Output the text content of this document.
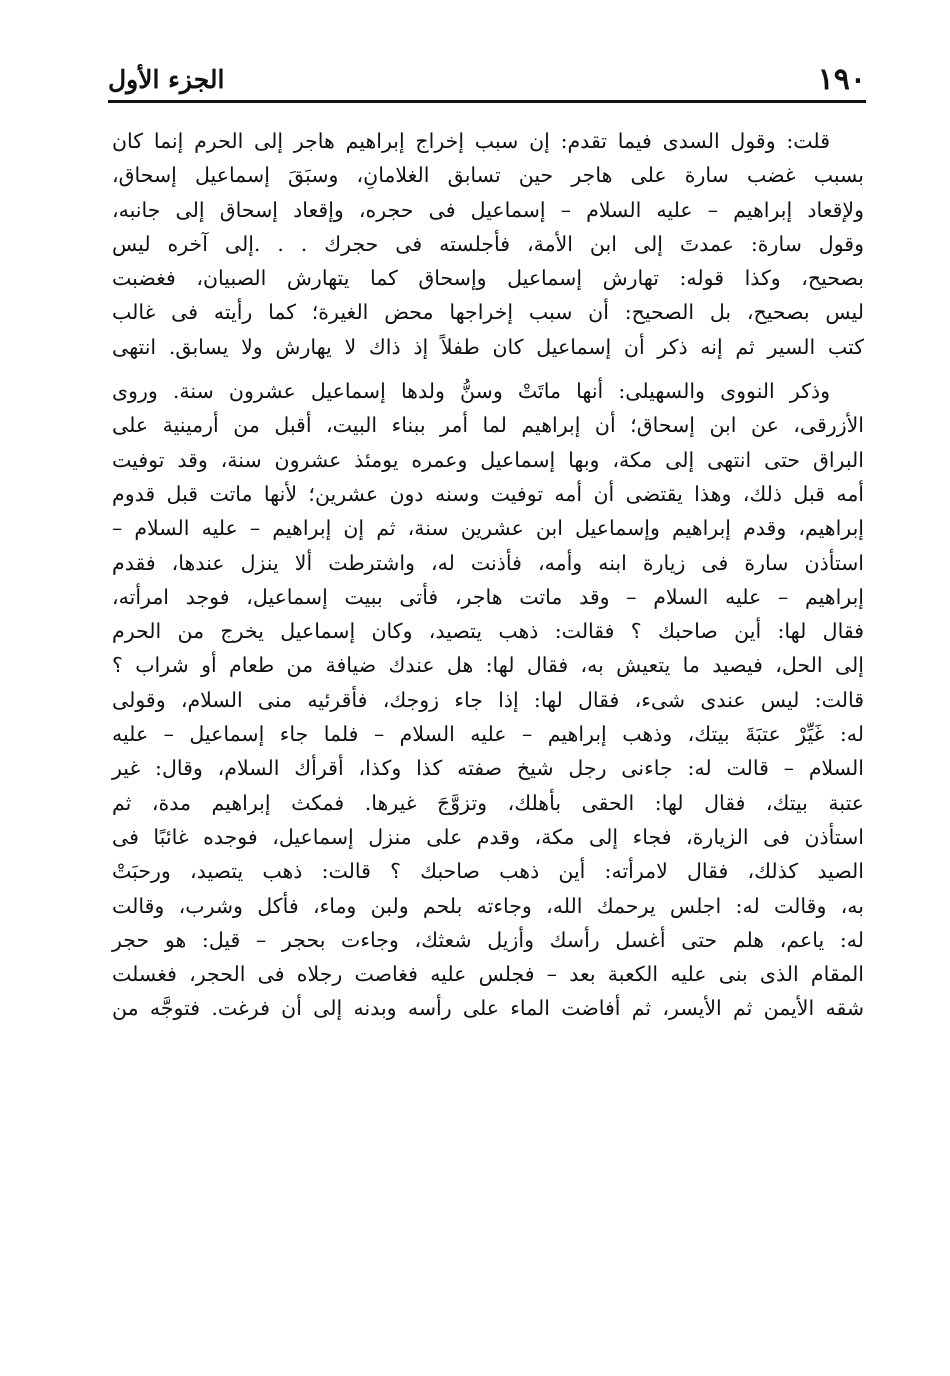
١٩٠
الجزء الأول
قلت: وقول السدى فيما تقدم: إن سبب إخراج إبراهيم هاجر إلى الحرم إنما كان
بسبب غضب سارة على هاجر حين تسابق الغلامانِ، وسبَقَ إسماعيل إسحاق،
ولإقعاد إبراهيم – عليه السلام – إسماعيل فى حجره، وإقعاد إسحاق إلى جانبه،
وقول سارة: عمدتَ إلى ابن الأمة، فأجلسته فى حجرك . . .إلى آخره ليس
بصحيح، وكذا قوله: تهارش إسماعيل وإسحاق كما يتهارش الصبيان، فغضبت
ليس بصحيح، بل الصحيح: أن سبب إخراجها محض الغيرة؛ كما رأيته فى غالب
كتب السير ثم إنه ذكر أن إسماعيل كان طفلاً إذ ذاك لا يهارش ولا يسابق. انتهى
وذكر النووى والسهيلى: أنها ماتَتْ وسنُّ ولدها إسماعيل عشرون سنة. وروى
الأزرقى، عن ابن إسحاق؛ أن إبراهيم لما أمر ببناء البيت، أقبل من أرمينية على
البراق حتى انتهى إلى مكة، وبها إسماعيل وعمره يومئذ عشرون سنة، وقد توفيت
أمه قبل ذلك، وهذا يقتضى أن أمه توفيت وسنه دون عشرين؛ لأنها ماتت قبل قدوم
إبراهيم، وقدم إبراهيم وإسماعيل ابن عشرين سنة، ثم إن إبراهيم – عليه السلام –
استأذن سارة فى زيارة ابنه وأمه، فأذنت له، واشترطت ألا ينزل عندها، فقدم
إبراهيم – عليه السلام – وقد ماتت هاجر، فأتى ببيت إسماعيل، فوجد امرأته،
فقال لها: أين صاحبك ؟ فقالت: ذهب يتصيد، وكان إسماعيل يخرج من الحرم
إلى الحل، فيصيد ما يتعيش به، فقال لها: هل عندك ضيافة من طعام أو شراب ؟
قالت: ليس عندى شىء، فقال لها: إذا جاء زوجك، فأقرئيه منى السلام، وقولى
له: غَيِّرْ عتبَةَ بيتك، وذهب إبراهيم – عليه السلام – فلما جاء إسماعيل – عليه
السلام – قالت له: جاءنى رجل شيخ صفته كذا وكذا، أقرأك السلام، وقال: غير
عتبة بيتك، فقال لها: الحقى بأهلك، وتزوَّجَ غيرها. فمكث إبراهيم مدة، ثم
استأذن فى الزيارة، فجاء إلى مكة، وقدم على منزل إسماعيل، فوجده غائبًا فى
الصيد كذلك، فقال لامرأته: أين ذهب صاحبك ؟ قالت: ذهب يتصيد، ورحبَتْ
به، وقالت له: اجلس يرحمك الله، وجاءته بلحم ولبن وماء، فأكل وشرب، وقالت
له: ياعم، هلم حتى أغسل رأسك وأزيل شعثك، وجاءت بحجر – قيل: هو حجر
المقام الذى بنى عليه الكعبة بعد – فجلس عليه فغاصت رجلاه فى الحجر، فغسلت
شقه الأيمن ثم الأيسر، ثم أفاضت الماء على رأسه وبدنه إلى أن فرغت. فتوجَّه من
